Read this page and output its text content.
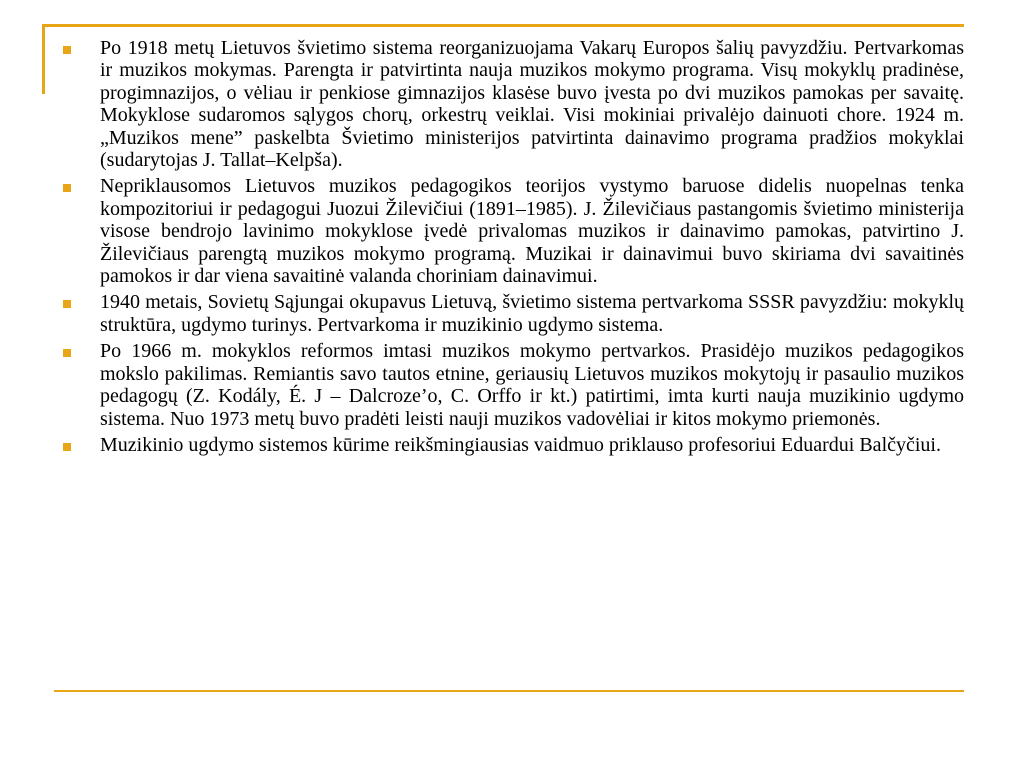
Po 1918 metų Lietuvos švietimo sistema reorganizuojama Vakarų Europos šalių pavyzdžiu. Pertvarkomas ir muzikos mokymas. Parengta ir patvirtinta nauja muzikos mokymo programa. Visų mokyklų pradinėse, progimnazijos, o vėliau ir penkiose gimnazijos klasėse buvo įvesta po dvi muzikos pamokas per savaitę. Mokyklose sudaromos sąlygos chorų, orkestrų veiklai. Visi mokiniai privalėjo dainuoti chore. 1924 m. „Muzikos mene” paskelbta Švietimo ministerijos patvirtinta dainavimo programa pradžios mokyklai (sudarytojas J. Tallat–Kelpša).
Nepriklausomos Lietuvos muzikos pedagogikos teorijos vystymo baruose didelis nuopelnas tenka kompozitoriui ir pedagogui Juozui Žilevičiui (1891–1985). J. Žilevičiaus pastangomis švietimo ministerija visose bendrojo lavinimo mokyklose įvedė privalomas muzikos ir dainavimo pamokas, patvirtino J. Žilevičiaus parengtą muzikos mokymo programą. Muzikai ir dainavimui buvo skiriama dvi savaitinės pamokos ir dar viena savaitinė valanda choriniam dainavimui.
1940 metais, Sovietų Sąjungai okupavus Lietuvą, švietimo sistema pertvarkoma SSSR pavyzdžiu: mokyklų struktūra, ugdymo turinys. Pertvarkoma ir muzikinio ugdymo sistema.
Po 1966 m. mokyklos reformos imtasi muzikos mokymo pertvarkos. Prasidėjo muzikos pedagogikos mokslo pakilimas. Remiantis savo tautos etnine, geriausių Lietuvos muzikos mokytojų ir pasaulio muzikos pedagogų (Z. Kodály, É. J – Dalcroze’o, C. Orffo ir kt.) patirtimi, imta kurti nauja muzikinio ugdymo sistema. Nuo 1973 metų buvo pradėti leisti nauji muzikos vadovėliai ir kitos mokymo priemonės.
Muzikinio ugdymo sistemos kūrime reikšmingiausias vaidmuo priklauso profesoriui Eduardui Balčyčiui.
